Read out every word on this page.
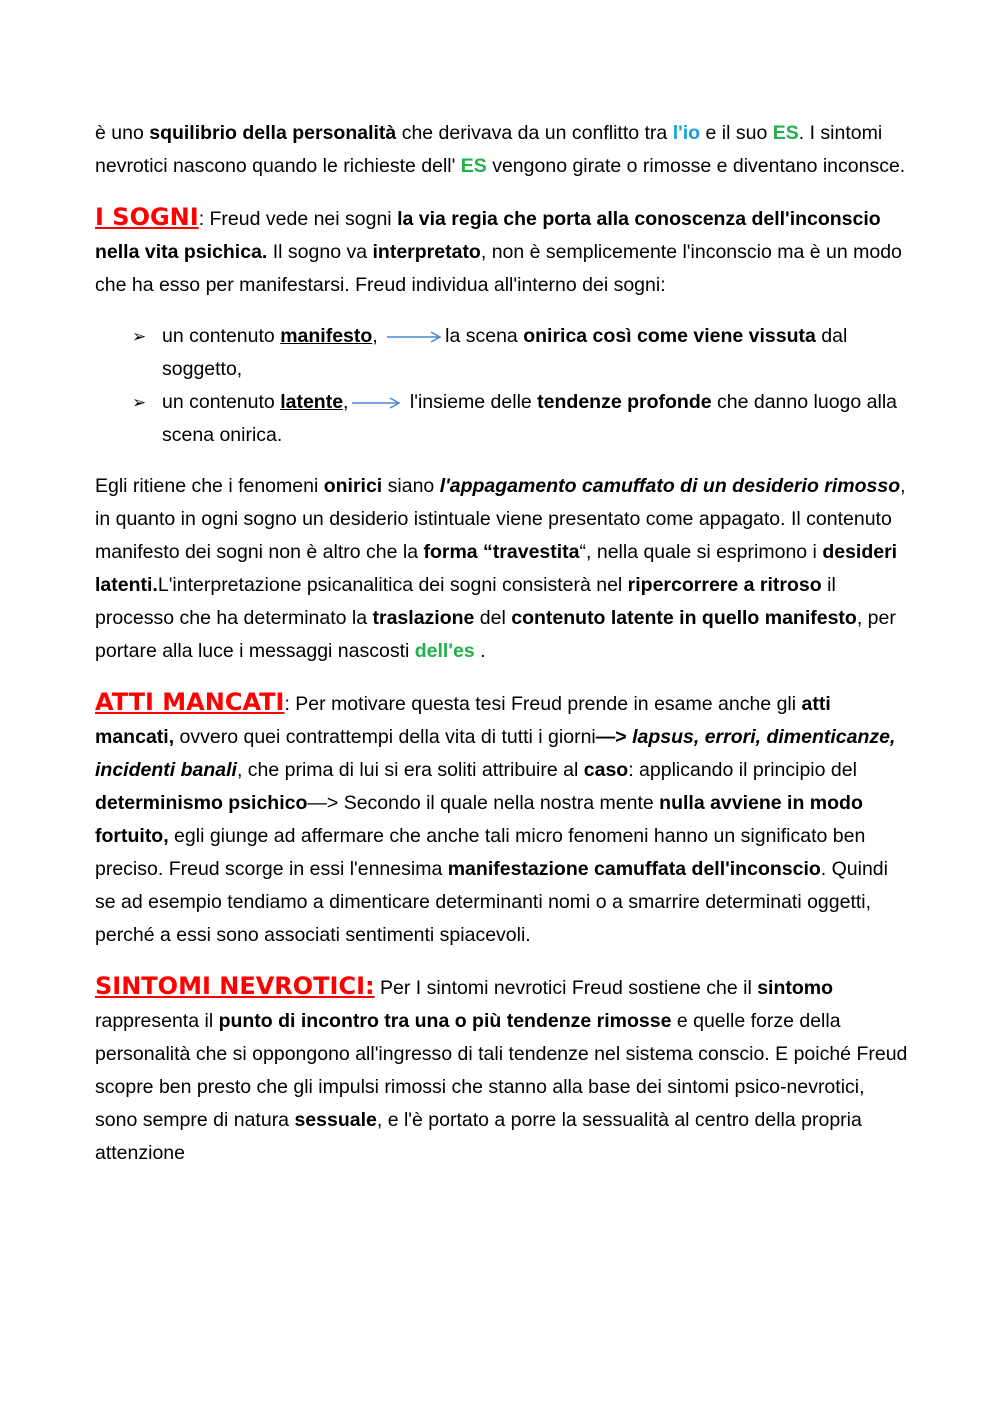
è uno squilibrio della personalità che derivava da un conflitto tra l'io e il suo ES. I sintomi nevrotici nascono quando le richieste dell' ES vengono girate o rimosse e diventano inconsce.

I SOGNI: Freud vede nei sogni la via regia che porta alla conoscenza dell'inconscio nella vita psichica. Il sogno va interpretato, non è semplicemente l'inconscio ma è un modo che ha esso per manifestarsi. Freud individua all'interno dei sogni:

➢ un contenuto manifesto,	la scena onirica così come viene vissuta dal soggetto,
➢ un contenuto latente,	l'insieme delle tendenze profonde che danno luogo alla scena onirica.

Egli ritiene che i fenomeni onirici siano l'appagamento camuffato di un desiderio rimosso, in quanto in ogni sogno un desiderio istintuale viene presentato come appagato. Il contenuto manifesto dei sogni non è altro che la forma “travestita“, nella quale si esprimono i desideri latenti.L'interpretazione psicanalitica dei sogni consisterà nel ripercorrere a ritroso il processo che ha determinato la traslazione del contenuto latente in quello manifesto, per portare alla luce i messaggi nascosti dell'es .

ATTI MANCATI: Per motivare questa tesi Freud prende in esame anche gli atti mancati, ovvero quei contrattempi della vita di tutti i giorni—> lapsus, errori, dimenticanze, incidenti banali, che prima di lui si era soliti attribuire al caso: applicando il principio del determinismo psichico—> Secondo il quale nella nostra mente nulla avviene in modo fortuito, egli giunge ad affermare che anche tali micro fenomeni hanno un significato ben preciso. Freud scorge in essi l'ennesima manifestazione camuffata dell'inconscio. Quindi se ad esempio tendiamo a dimenticare determinanti nomi o a smarrire determinati oggetti, perché a essi sono associati sentimenti spiacevoli.

SINTOMI NEVROTICI: Per I sintomi nevrotici Freud sostiene che il sintomo rappresenta il punto di incontro tra una o più tendenze rimosse e quelle forze della personalità che si oppongono all'ingresso di tali tendenze nel sistema conscio. E poiché Freud scopre ben presto che gli impulsi rimossi che stanno alla base dei sintomi psico-nevrotici, sono sempre di natura sessuale, e l'è portato a porre la sessualità al centro della propria attenzione
